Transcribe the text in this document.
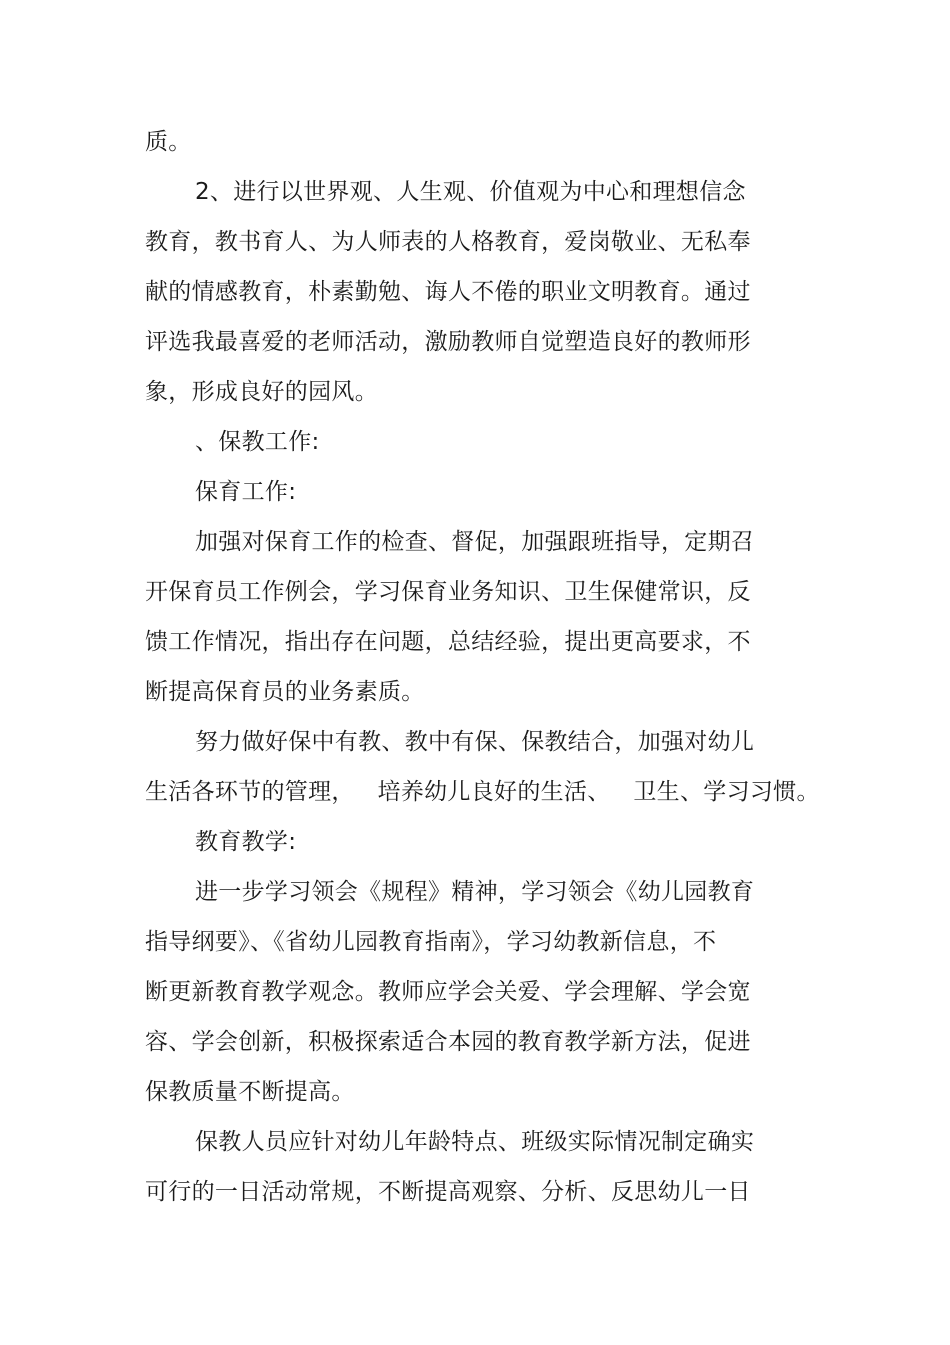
质。
2、进行以世界观、人生观、价值观为中心和理想信念
教育，教书育人、为人师表的人格教育，爱岗敬业、无私奉
献的情感教育，朴素勤勉、诲人不倦的职业文明教育。通过
评选我最喜爱的老师活动，激励教师自觉塑造良好的教师形
象，形成良好的园风。
、保教工作:
保育工作:
加强对保育工作的检查、督促，加强跟班指导，定期召
开保育员工作例会，学习保育业务知识、卫生保健常识，反
馈工作情况，指出存在问题，总结经验，提出更高要求，不
断提高保育员的业务素质。
努力做好保中有教、教中有保、保教结合，加强对幼儿
生活各环节的管理，   培养幼儿良好的生活、   卫生、学习习惯。
教育教学:
进一步学习领会《规程》精神，学习领会《幼儿园教育
指导纲要》、《省幼儿园教育指南》，学习幼教新信息，不
断更新教育教学观念。教师应学会关爱、学会理解、学会宽
容、学会创新，积极探索适合本园的教育教学新方法，促进
保教质量不断提高。
保教人员应针对幼儿年龄特点、班级实际情况制定确实
可行的一日活动常规，不断提高观察、分析、反思幼儿一日
